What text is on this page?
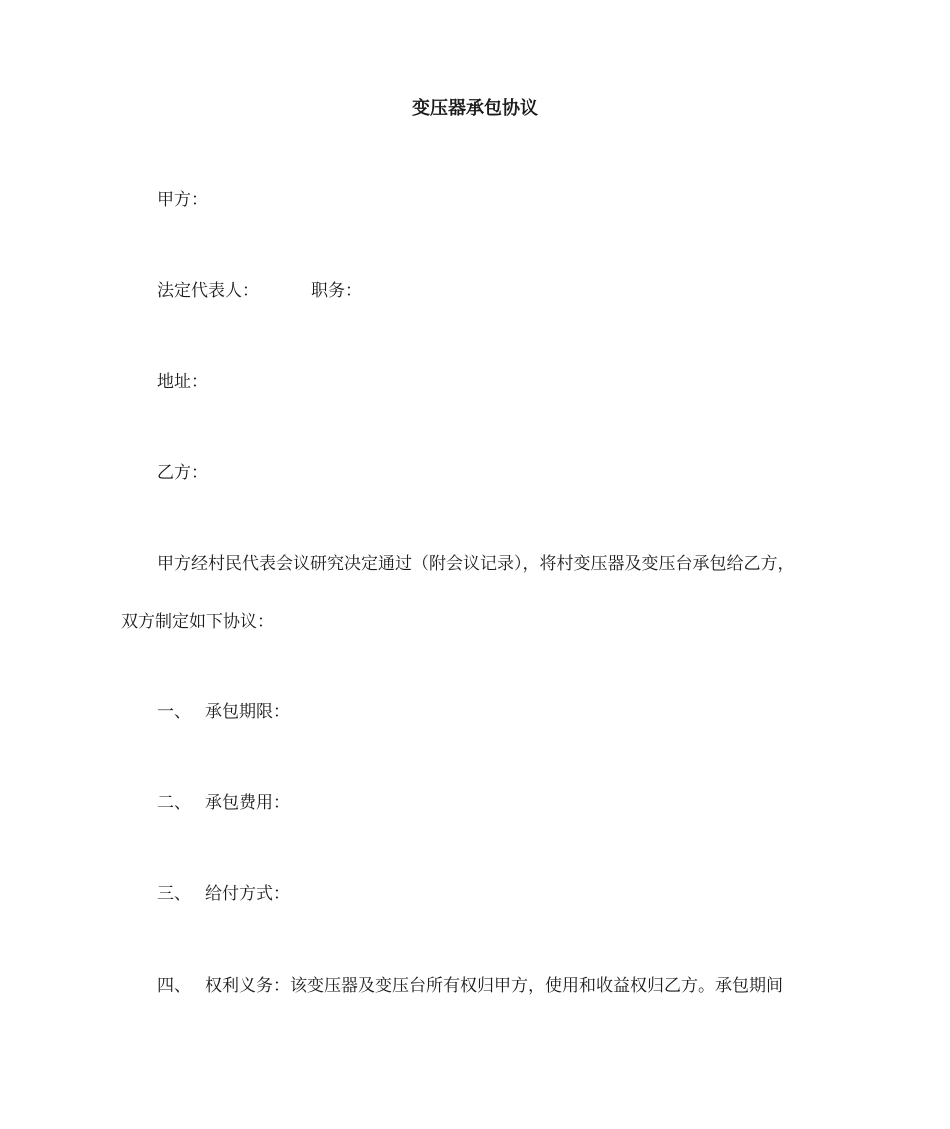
变压器承包协议
甲方：
法定代表人：	职务：
地址：
乙方：
甲方经村民代表会议研究决定通过（附会议记录），将村变压器及变压台承包给乙方，
双方制定如下协议：
一、 承包期限：
二、 承包费用：
三、 给付方式：
四、 权利义务：该变压器及变压台所有权归甲方，使用和收益权归乙方。承包期间
